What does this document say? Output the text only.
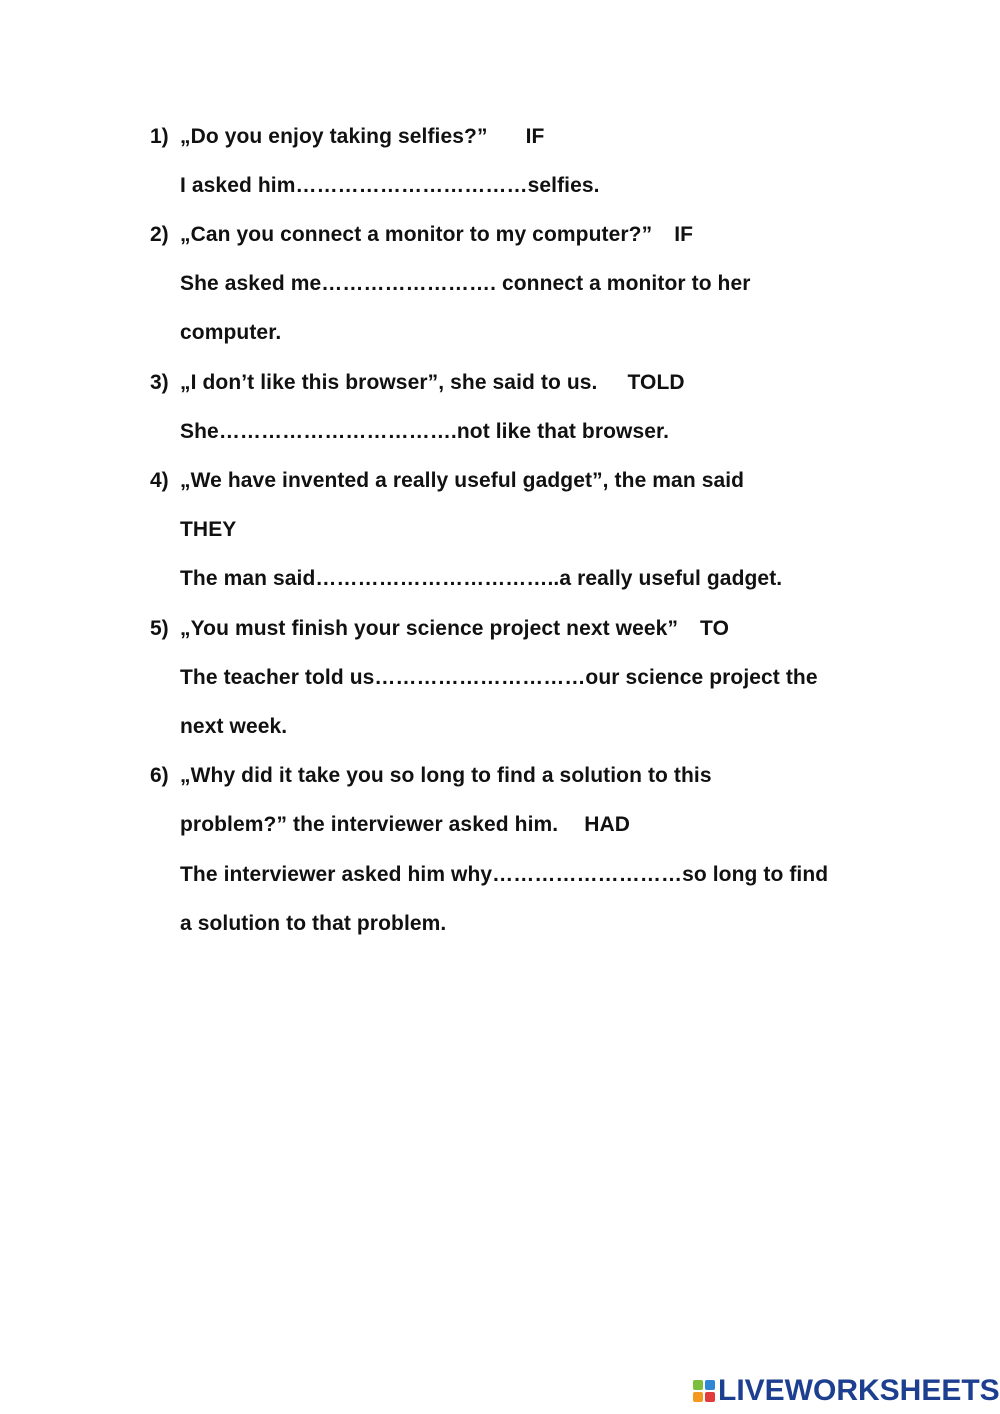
1) „Do you enjoy taking selfies?” IF
I asked him……………………………selfies.
2) „Can you connect a monitor to my computer?” IF
She asked me……………………. connect a monitor to her
computer.
3) „I don’t like this browser”, she said to us. TOLD
She…………………………….not like that browser.
4) „We have invented a really useful gadget”, the man said
THEY
The man said……………………………..a really useful gadget.
5) „You must finish your science project next week” TO
The teacher told us…………………………our science project the
next week.
6) „Why did it take you so long to find a solution to this
problem?” the interviewer asked him. HAD
The interviewer asked him why………………………so long to find
a solution to that problem.
LIVEWORKSHEETS
